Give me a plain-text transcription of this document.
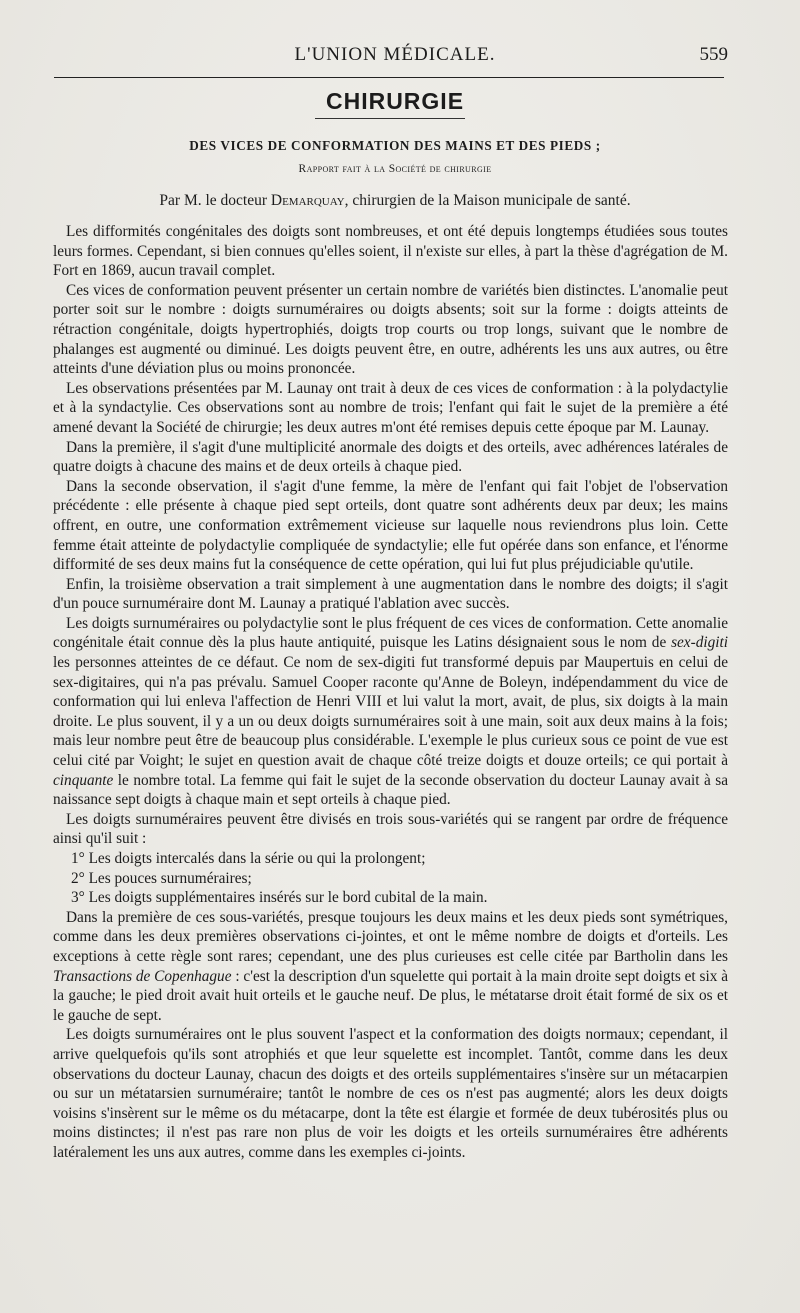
L'UNION MÉDICALE.	559
CHIRURGIE
DES VICES DE CONFORMATION DES MAINS ET DES PIEDS ;
Rapport fait à la Société de chirurgie
Par M. le docteur Demarquay, chirurgien de la Maison municipale de santé.

Les difformités congénitales des doigts sont nombreuses, et ont été depuis longtemps étudiées sous toutes leurs formes. Cependant, si bien connues qu'elles soient, il n'existe sur elles, à part la thèse d'agrégation de M. Fort en 1869, aucun travail complet.

Ces vices de conformation peuvent présenter un certain nombre de variétés bien distinctes. L'anomalie peut porter soit sur le nombre : doigts surnuméraires ou doigts absents; soit sur la forme : doigts atteints de rétraction congénitale, doigts hypertrophiés, doigts trop courts ou trop longs, suivant que le nombre de phalanges est augmenté ou diminué. Les doigts peuvent être, en outre, adhérents les uns aux autres, ou être atteints d'une déviation plus ou moins prononcée.

Les observations présentées par M. Launay ont trait à deux de ces vices de conformation : à la polydactylie et à la syndactylie. Ces observations sont au nombre de trois; l'enfant qui fait le sujet de la première a été amené devant la Société de chirurgie; les deux autres m'ont été remises depuis cette époque par M. Launay.

Dans la première, il s'agit d'une multiplicité anormale des doigts et des orteils, avec adhérences latérales de quatre doigts à chacune des mains et de deux orteils à chaque pied.

Dans la seconde observation, il s'agit d'une femme, la mère de l'enfant qui fait l'objet de l'observation précédente : elle présente à chaque pied sept orteils, dont quatre sont adhérents deux par deux; les mains offrent, en outre, une conformation extrêmement vicieuse sur laquelle nous reviendrons plus loin. Cette femme était atteinte de polydactylie compliquée de syndactylie; elle fut opérée dans son enfance, et l'énorme difformité de ses deux mains fut la conséquence de cette opération, qui lui fut plus préjudiciable qu'utile.

Enfin, la troisième observation a trait simplement à une augmentation dans le nombre des doigts; il s'agit d'un pouce surnuméraire dont M. Launay a pratiqué l'ablation avec succès.

Les doigts surnuméraires ou polydactylie sont le plus fréquent de ces vices de conformation. Cette anomalie congénitale était connue dès la plus haute antiquité, puisque les Latins désignaient sous le nom de sex-digiti les personnes atteintes de ce défaut. Ce nom de sex-digiti fut transformé depuis par Maupertuis en celui de sex-digitaires, qui n'a pas prévalu. Samuel Cooper raconte qu'Anne de Boleyn, indépendamment du vice de conformation qui lui enleva l'affection de Henri VIII et lui valut la mort, avait, de plus, six doigts à la main droite. Le plus souvent, il y a un ou deux doigts surnuméraires soit à une main, soit aux deux mains à la fois; mais leur nombre peut être de beaucoup plus considérable. L'exemple le plus curieux sous ce point de vue est celui cité par Voight; le sujet en question avait de chaque côté treize doigts et douze orteils; ce qui portait à cinquante le nombre total. La femme qui fait le sujet de la seconde observation du docteur Launay avait à sa naissance sept doigts à chaque main et sept orteils à chaque pied.

Les doigts surnuméraires peuvent être divisés en trois sous-variétés qui se rangent par ordre de fréquence ainsi qu'il suit :

1° Les doigts intercalés dans la série ou qui la prolongent;
2° Les pouces surnuméraires;
3° Les doigts supplémentaires insérés sur le bord cubital de la main.

Dans la première de ces sous-variétés, presque toujours les deux mains et les deux pieds sont symétriques, comme dans les deux premières observations ci-jointes, et ont le même nombre de doigts et d'orteils. Les exceptions à cette règle sont rares; cependant, une des plus curieuses est celle citée par Bartholin dans les Transactions de Copenhague : c'est la description d'un squelette qui portait à la main droite sept doigts et six à la gauche; le pied droit avait huit orteils et le gauche neuf. De plus, le métatarse droit était formé de six os et le gauche de sept.

Les doigts surnuméraires ont le plus souvent l'aspect et la conformation des doigts normaux; cependant, il arrive quelquefois qu'ils sont atrophiés et que leur squelette est incomplet. Tantôt, comme dans les deux observations du docteur Launay, chacun des doigts et des orteils supplémentaires s'insère sur un métacarpien ou sur un métatarsien surnuméraire; tantôt le nombre de ces os n'est pas augmenté; alors les deux doigts voisins s'insèrent sur le même os du métacarpe, dont la tête est élargie et formée de deux tubérosités plus ou moins distinctes; il n'est pas rare non plus de voir les doigts et les orteils surnuméraires être adhérents latéralement les uns aux autres, comme dans les exemples ci-joints.
